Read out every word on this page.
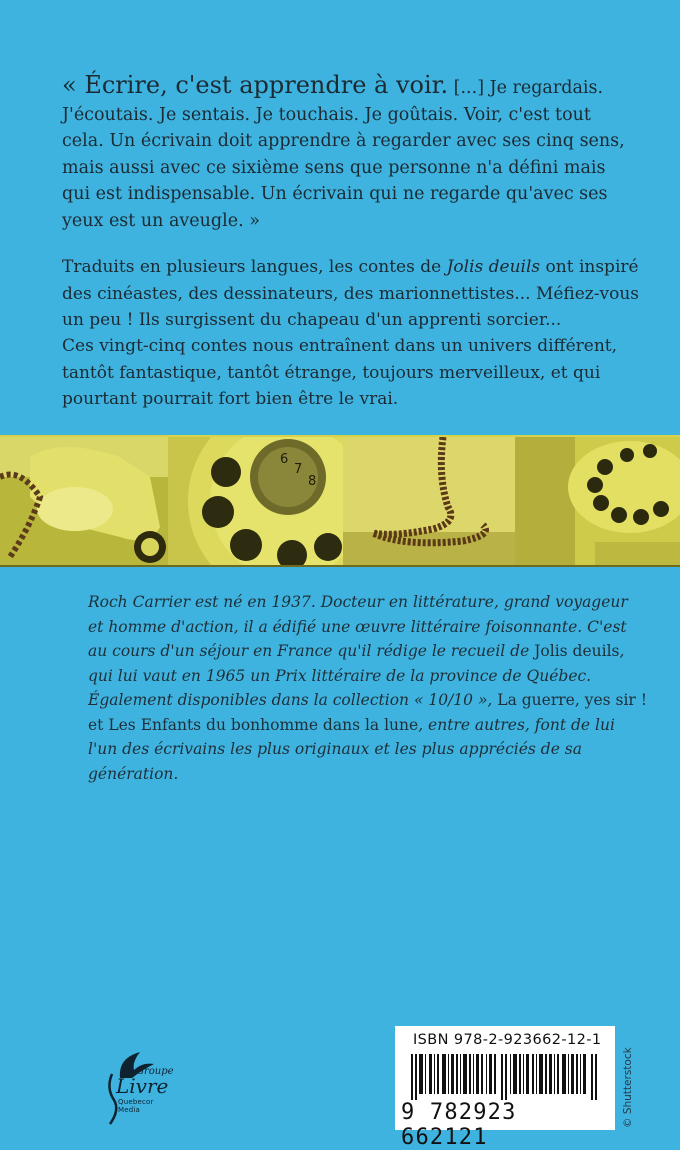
« Écrire, c'est apprendre à voir. [...] Je regardais. J'écoutais. Je sentais. Je touchais. Je goûtais. Voir, c'est tout cela. Un écrivain doit apprendre à regarder avec ses cinq sens, mais aussi avec ce sixième sens que personne n'a défini mais qui est indispensable. Un écrivain qui ne regarde qu'avec ses yeux est un aveugle. »
Traduits en plusieurs langues, les contes de Jolis deuils ont inspiré des cinéastes, des dessinateurs, des marionnettistes... Méfiez-vous un peu ! Ils surgissent du chapeau d'un apprenti sorcier...
Ces vingt-cinq contes nous entraînent dans un univers différent, tantôt fantastique, tantôt étrange, toujours merveilleux, et qui pourtant pourrait fort bien être le vrai.
6
7
8
Roch Carrier est né en 1937. Docteur en littérature, grand voyageur et homme d'action, il a édifié une œuvre littéraire foisonnante. C'est au cours d'un séjour en France qu'il rédige le recueil de Jolis deuils, qui lui vaut en 1965 un Prix littéraire de la province de Québec. Également disponibles dans la collection « 10/10 », La guerre, yes sir ! et Les Enfants du bonhomme dans la lune, entre autres, font de lui l'un des écrivains les plus originaux et les plus appréciés de sa génération.
Groupe
Livre
Quebecor Media
ISBN 978-2-923662-12-1
9 782923 662121
© Shutterstock
